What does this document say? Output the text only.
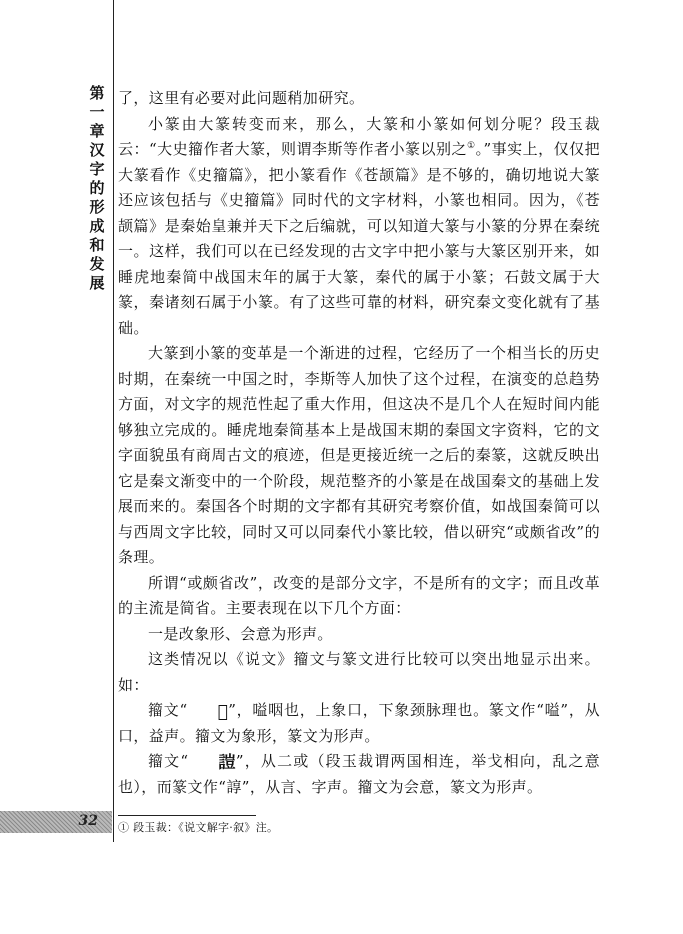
第一章 汉字的形成和发展

了，这里有必要对此问题稍加研究。

小篆由大篆转变而来，那么，大篆和小篆如何划分呢？段玉裁云：“大史籀作者大篆，则谓李斯等作者小篆以别之①。”事实上，仅仅把大篆看作《史籀篇》，把小篆看作《苍颉篇》是不够的，确切地说大篆还应该包括与《史籀篇》同时代的文字材料，小篆也相同。因为，《苍颉篇》是秦始皇兼并天下之后编就，可以知道大篆与小篆的分界在秦统一。这样，我们可以在已经发现的古文字中把小篆与大篆区别开来，如睡虎地秦简中战国末年的属于大篆，秦代的属于小篆；石鼓文属于大篆，秦诸刻石属于小篆。有了这些可靠的材料，研究秦文变化就有了基础。

大篆到小篆的变革是一个渐进的过程，它经历了一个相当长的历史时期，在秦统一中国之时，李斯等人加快了这个过程，在演变的总趋势方面，对文字的规范性起了重大作用，但这决不是几个人在短时间内能够独立完成的。睡虎地秦简基本上是战国末期的秦国文字资料，它的文字面貌虽有商周古文的痕迹，但是更接近统一之后的秦篆，这就反映出它是秦文渐变中的一个阶段，规范整齐的小篆是在战国秦文的基础上发展而来的。秦国各个时期的文字都有其研究考察价值，如战国秦简可以与西周文字比较，同时又可以同秦代小篆比较，借以研究“或颇省改”的条理。

所谓“或颇省改”，改变的是部分文字，不是所有的文字；而且改革的主流是简省。主要表现在以下几个方面：

一是改象形、会意为形声。

这类情况以《说文》籀文与篆文进行比较可以突出地显示出来。如：

籀文“ 𦥛”，嗌咽也，上象口，下象颈脉理也。篆文作“嗌”，从口，益声。籀文为象形，篆文为形声。

籀文“ 𧪚”，从二或（段玉裁谓两国相连，举戈相向，乱之意也），而篆文作“諄”，从言、字声。籀文为会意，篆文为形声。

32 ① 段玉裁：《说文解字·叙》注。
